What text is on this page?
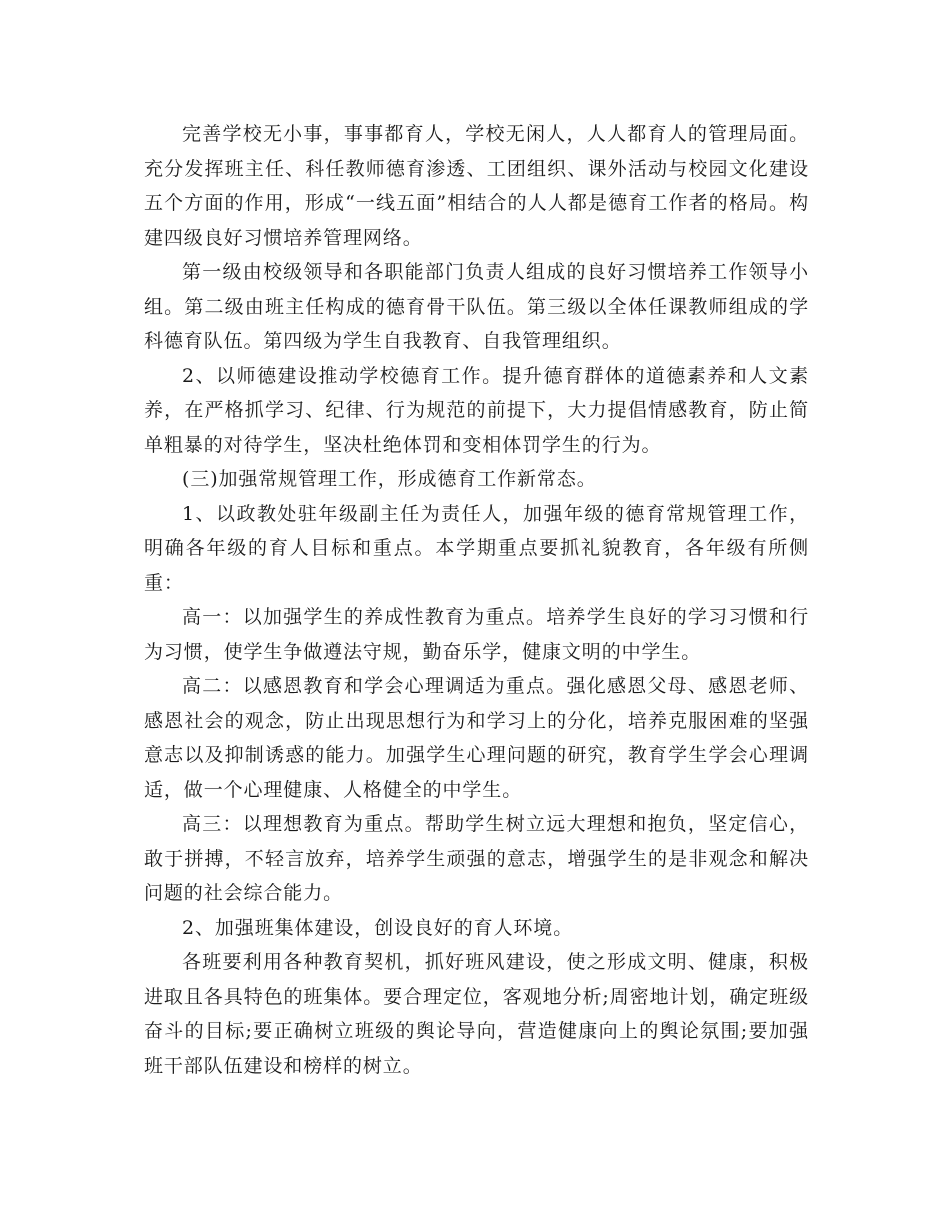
完善学校无小事，事事都育人，学校无闲人，人人都育人的管理局面。充分发挥班主任、科任教师德育渗透、工团组织、课外活动与校园文化建设五个方面的作用，形成“一线五面”相结合的人人都是德育工作者的格局。构建四级良好习惯培养管理网络。

第一级由校级领导和各职能部门负责人组成的良好习惯培养工作领导小组。第二级由班主任构成的德育骨干队伍。第三级以全体任课教师组成的学科德育队伍。第四级为学生自我教育、自我管理组织。

2、以师德建设推动学校德育工作。提升德育群体的道德素养和人文素养，在严格抓学习、纪律、行为规范的前提下，大力提倡情感教育，防止简单粗暴的对待学生，坚决杜绝体罚和变相体罚学生的行为。

(三)加强常规管理工作，形成德育工作新常态。

1、以政教处驻年级副主任为责任人，加强年级的德育常规管理工作，明确各年级的育人目标和重点。本学期重点要抓礼貌教育，各年级有所侧重：

高一：以加强学生的养成性教育为重点。培养学生良好的学习习惯和行为习惯，使学生争做遵法守规，勤奋乐学，健康文明的中学生。

高二：以感恩教育和学会心理调适为重点。强化感恩父母、感恩老师、感恩社会的观念，防止出现思想行为和学习上的分化，培养克服困难的坚强意志以及抑制诱惑的能力。加强学生心理问题的研究，教育学生学会心理调适，做一个心理健康、人格健全的中学生。

高三：以理想教育为重点。帮助学生树立远大理想和抱负，坚定信心，敢于拼搏，不轻言放弃，培养学生顽强的意志，增强学生的是非观念和解决问题的社会综合能力。

2、加强班集体建设，创设良好的育人环境。

各班要利用各种教育契机，抓好班风建设，使之形成文明、健康，积极进取且各具特色的班集体。要合理定位，客观地分析;周密地计划，确定班级奋斗的目标;要正确树立班级的舆论导向，营造健康向上的舆论氛围;要加强班干部队伍建设和榜样的树立。
